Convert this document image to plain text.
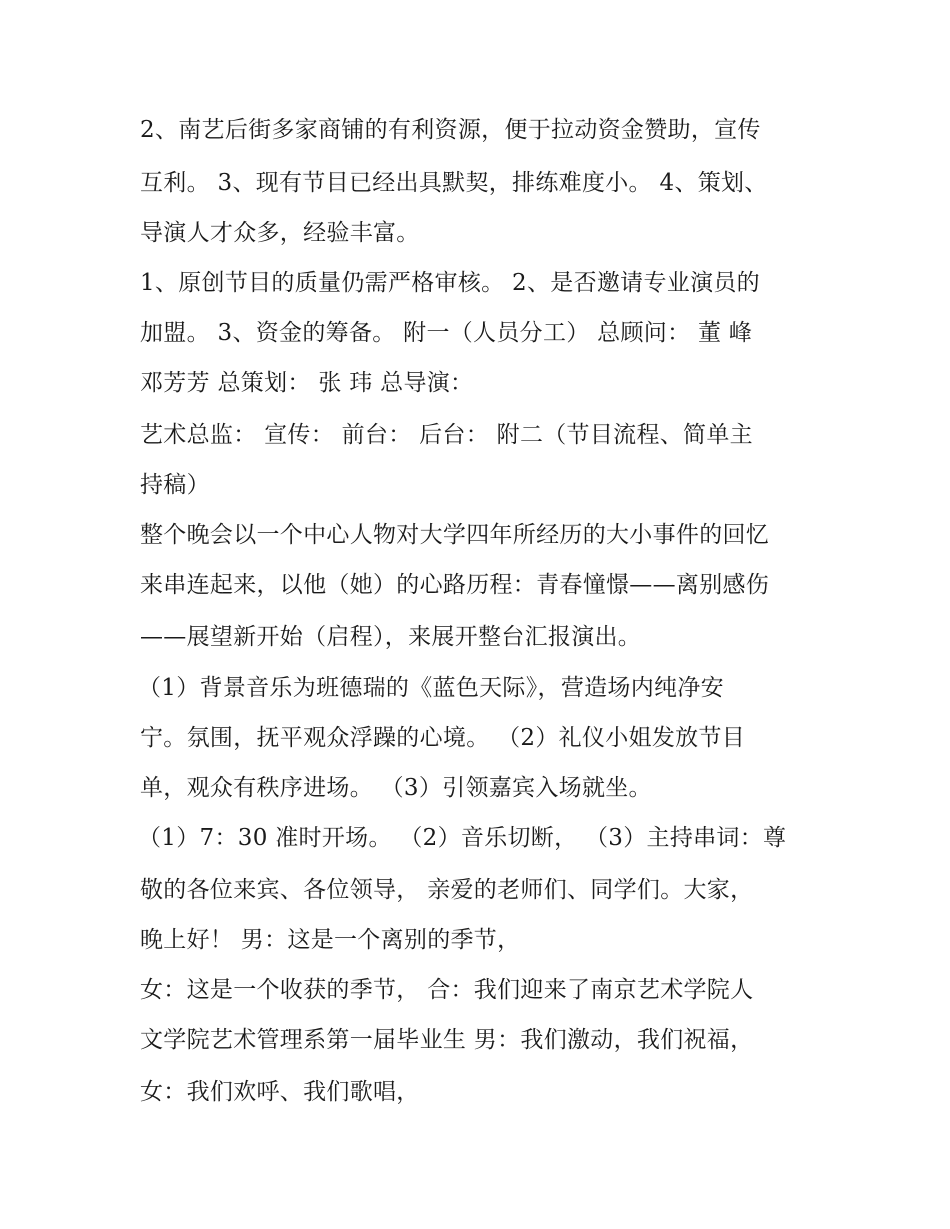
2、南艺后街多家商铺的有利资源，便于拉动资金赞助，宣传
互利。 3、现有节目已经出具默契，排练难度小。 4、策划、
导演人才众多，经验丰富。
1、原创节目的质量仍需严格审核。 2、是否邀请专业演员的
加盟。 3、资金的筹备。 附一（人员分工） 总顾问： 董 峰
邓芳芳 总策划： 张 玮 总导演：
艺术总监： 宣传： 前台： 后台： 附二（节目流程、简单主
持稿）
整个晚会以一个中心人物对大学四年所经历的大小事件的回忆
来串连起来，以他（她）的心路历程：青春憧憬——离别感伤
——展望新开始（启程），来展开整台汇报演出。
（1）背景音乐为班德瑞的《蓝色天际》，营造场内纯净安
宁。氛围，抚平观众浮躁的心境。 （2）礼仪小姐发放节目
单，观众有秩序进场。 （3）引领嘉宾入场就坐。
（1）7：30 准时开场。 （2）音乐切断， （3）主持串词：尊
敬的各位来宾、各位领导， 亲爱的老师们、同学们。大家，
晚上好！ 男：这是一个离别的季节，
女：这是一个收获的季节， 合：我们迎来了南京艺术学院人
文学院艺术管理系第一届毕业生 男：我们激动，我们祝福，
女：我们欢呼、我们歌唱，
